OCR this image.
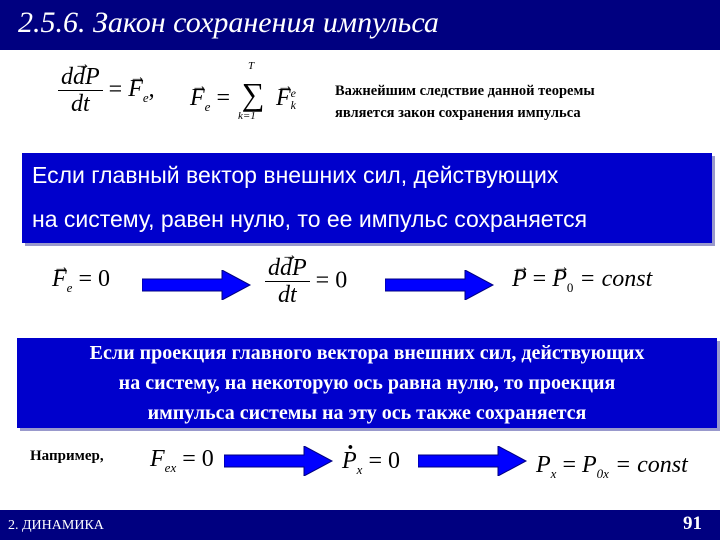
2.5.6. Закон сохранения импульса
$\frac{d\to dP}{dt}$ = → $F_e$, → $F_e$ =
T
∑
k=1
→ F e
k
Важнейшим следствие данной теоремы
является закон сохранения импульса
Если главный вектор внешних сил, действующих
на систему, равен нулю, то ее импульс сохраняется
→ $F_e = 0$	$\frac{d\to dP}{dt} = 0$	→ P = → $P_0$ = const
Если проекция главного вектора внешних сил, действующих
на систему, на некоторую ось равна нулю, то проекция
импульса системы на эту ось также сохраняется
Например, $F_{ex} = 0$	· $P_x = 0$	$P_x = P_{0x}$ = const
2. ДИНАМИКА	91
